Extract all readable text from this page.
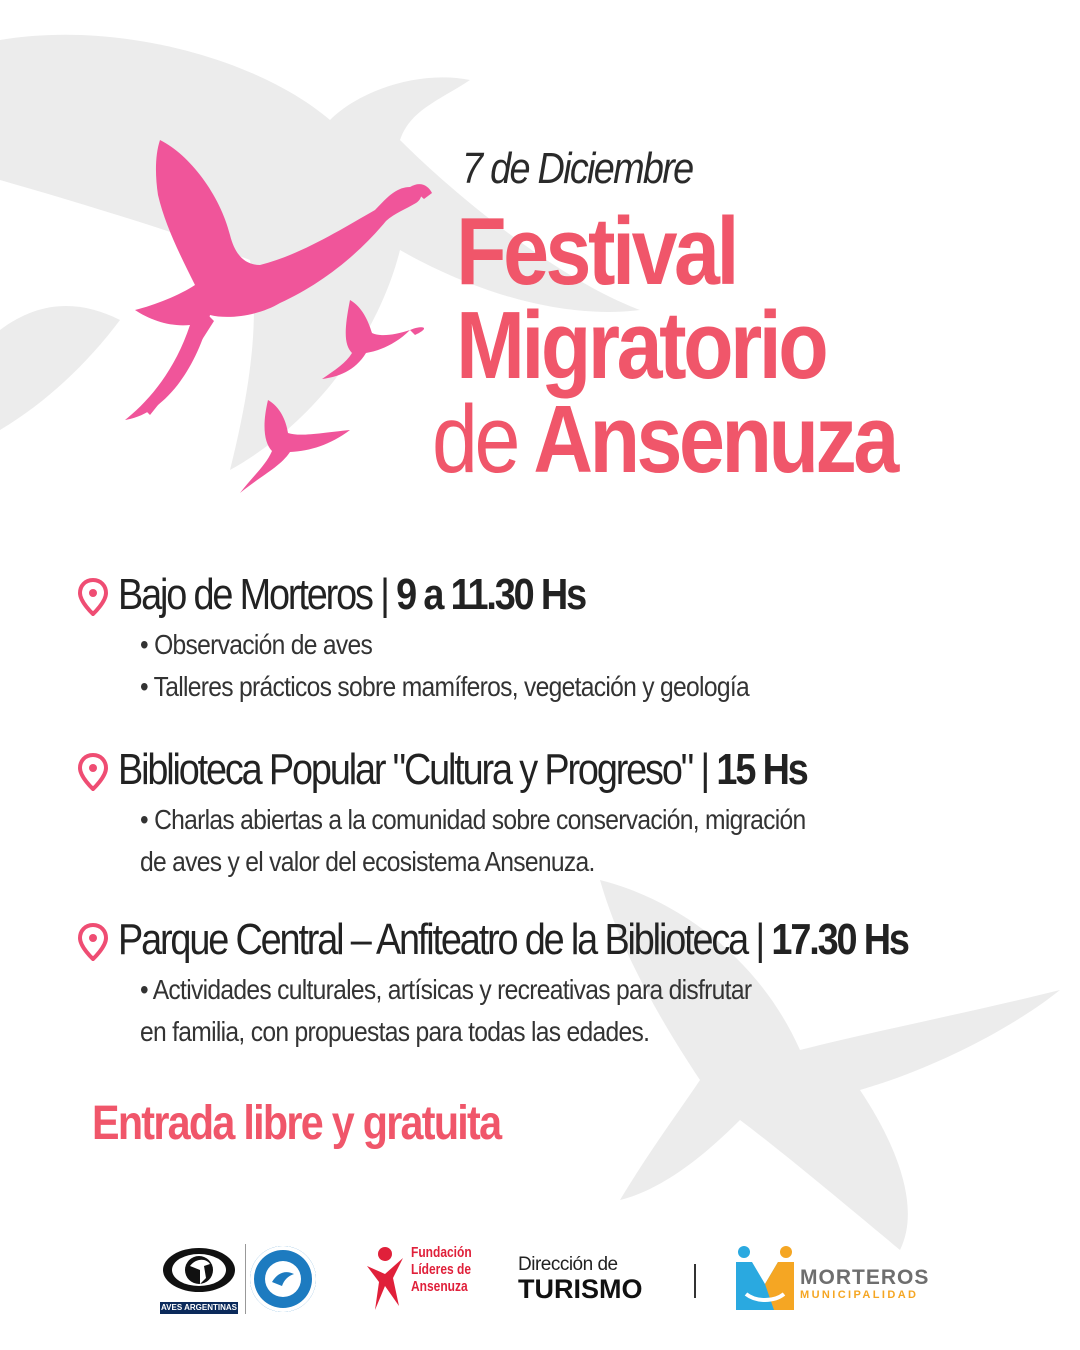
7 de Diciembre
Festival
Migratorio
de Ansenuza
Bajo de Morteros | 9 a 11.30 Hs
• Observación de aves
• Talleres prácticos sobre mamíferos, vegetación y geología
Biblioteca Popular "Cultura y Progreso" | 15 Hs
• Charlas abiertas a la comunidad sobre conservación, migración
de aves y el valor del ecosistema Ansenuza.
Parque Central – Anfiteatro de la Biblioteca | 17.30 Hs
• Actividades culturales, artísicas y recreativas para disfrutar
en familia, con propuestas para todas las edades.
Entrada libre y gratuita
AVES ARGENTINAS
Fundación
Líderes de
Ansenuza
Dirección de
TURISMO	MORTEROS
MUNICIPALIDAD
